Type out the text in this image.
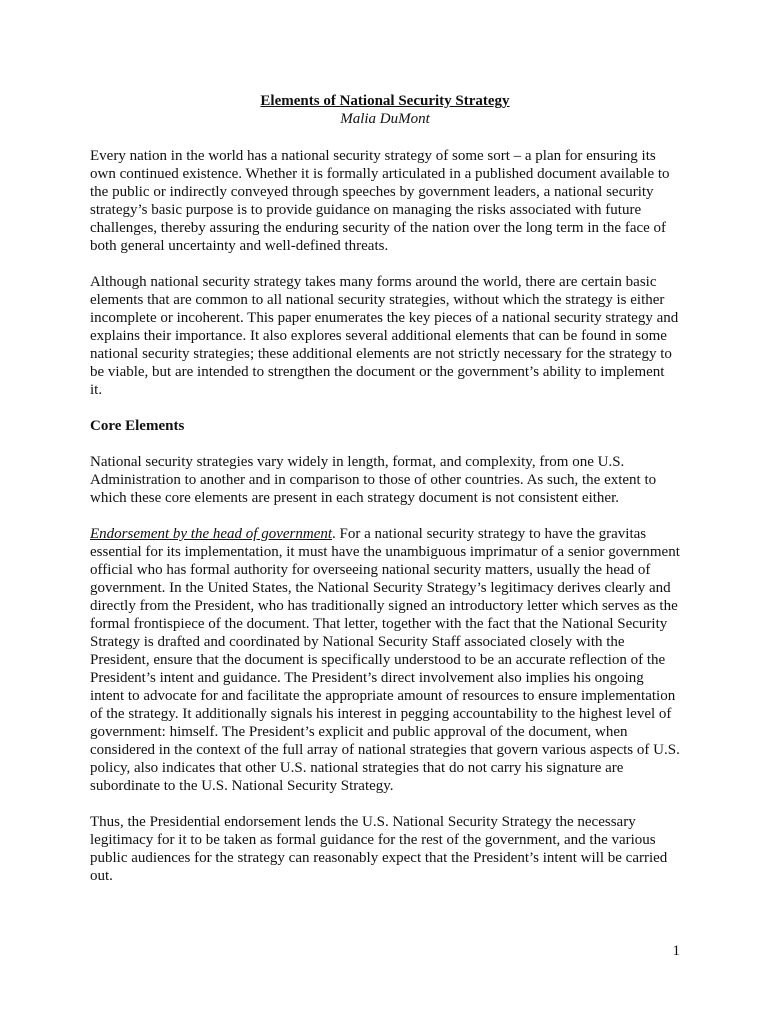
Elements of National Security Strategy
Malia DuMont

Every nation in the world has a national security strategy of some sort – a plan for ensuring its own continued existence. Whether it is formally articulated in a published document available to the public or indirectly conveyed through speeches by government leaders, a national security strategy’s basic purpose is to provide guidance on managing the risks associated with future challenges, thereby assuring the enduring security of the nation over the long term in the face of both general uncertainty and well-defined threats.

Although national security strategy takes many forms around the world, there are certain basic elements that are common to all national security strategies, without which the strategy is either incomplete or incoherent. This paper enumerates the key pieces of a national security strategy and explains their importance. It also explores several additional elements that can be found in some national security strategies; these additional elements are not strictly necessary for the strategy to be viable, but are intended to strengthen the document or the government’s ability to implement it.

Core Elements

National security strategies vary widely in length, format, and complexity, from one U.S. Administration to another and in comparison to those of other countries. As such, the extent to which these core elements are present in each strategy document is not consistent either.

Endorsement by the head of government. For a national security strategy to have the gravitas essential for its implementation, it must have the unambiguous imprimatur of a senior government official who has formal authority for overseeing national security matters, usually the head of government. In the United States, the National Security Strategy’s legitimacy derives clearly and directly from the President, who has traditionally signed an introductory letter which serves as the formal frontispiece of the document. That letter, together with the fact that the National Security Strategy is drafted and coordinated by National Security Staff associated closely with the President, ensure that the document is specifically understood to be an accurate reflection of the President’s intent and guidance. The President’s direct involvement also implies his ongoing intent to advocate for and facilitate the appropriate amount of resources to ensure implementation of the strategy. It additionally signals his interest in pegging accountability to the highest level of government: himself. The President’s explicit and public approval of the document, when considered in the context of the full array of national strategies that govern various aspects of U.S. policy, also indicates that other U.S. national strategies that do not carry his signature are subordinate to the U.S. National Security Strategy.

Thus, the Presidential endorsement lends the U.S. National Security Strategy the necessary legitimacy for it to be taken as formal guidance for the rest of the government, and the various public audiences for the strategy can reasonably expect that the President’s intent will be carried out.

1
